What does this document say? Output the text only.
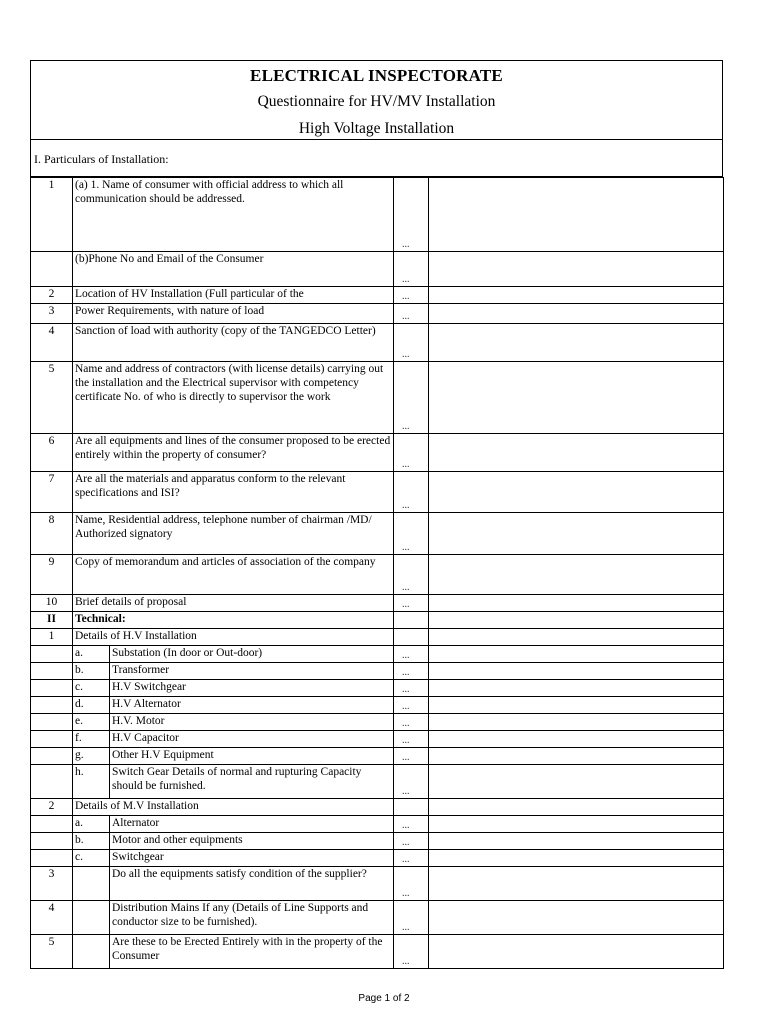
ELECTRICAL INSPECTORATE
Questionnaire for HV/MV Installation
High Voltage Installation
I. Particulars of Installation:
1	(a) 1. Name of consumer with official address to which all communication should be addressed.		...	
	(b)Phone No and Email of the Consumer		...	
2	Location of HV Installation (Full particular of the		...	
3	Power Requirements, with nature of load		...	
4	Sanction of load with authority (copy of the TANGEDCO Letter)		...	
5	Name and address of contractors (with license details) carrying out the installation and the Electrical supervisor with competency certificate No. of who is directly to supervisor the work		...	
6	Are all equipments and lines of the consumer proposed to be erected entirely within the property of consumer?		...	
7	Are all the materials and apparatus conform to the relevant specifications and ISI?		...	
8	Name, Residential address, telephone number of chairman /MD/ Authorized signatory		...	
9	Copy of memorandum and articles of association of the company		...	
10	Brief details of proposal		...	
II	Technical:			
1	Details of H.V Installation			
	a.	Substation (In door or Out-door)	...	
	b.	Transformer	...	
	c.	H.V Switchgear	...	
	d.	H.V Alternator	...	
	e.	H.V. Motor	...	
	f.	H.V Capacitor	...	
	g.	Other H.V Equipment	...	
	h.	Switch Gear Details of normal and rupturing Capacity should be furnished.	...	
2	Details of M.V Installation			
	a.	Alternator	...	
	b.	Motor and other equipments	...	
	c.	Switchgear	...	
3		Do all the equipments satisfy condition of the supplier?	...	
4		Distribution Mains If any (Details of Line Supports and conductor size to be furnished).	...	
5		Are these to be Erected Entirely with in the property of the Consumer	...	
Page 1 of 2
